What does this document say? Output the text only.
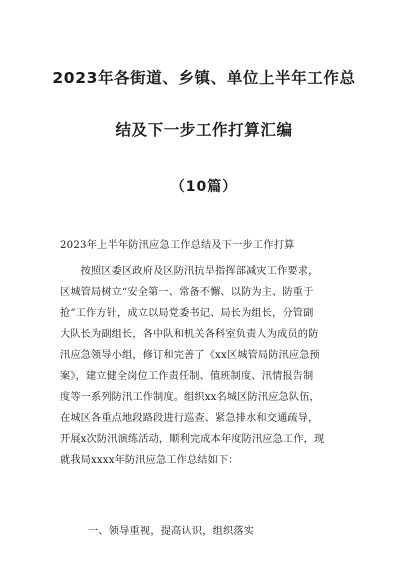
2023年各街道、乡镇、单位上半年工作总
结及下一步工作打算汇编
（10篇）
2023年上半年防汛应急工作总结及下一步工作打算
　　按照区委区政府及区防汛抗旱指挥部减灾工作要求，
区城管局树立“安全第一、常备不懈、以防为主、防重于
抢”工作方针，成立以局党委书记、局长为组长，分管副
大队长为副组长，各中队和机关各科室负责人为成员的防
汛应急领导小组，修订和完善了《xx区城管局防汛应急预
案》，建立健全岗位工作责任制、值班制度、汛情报告制
度等一系列防汛工作制度。组织xx名城区防汛应急队伍，
在城区各重点地段路段进行巡查、紧急排水和交通疏导，
开展x次防汛演练活动，顺利完成本年度防汛应急工作，现
就我局xxxx年防汛应急工作总结如下：
一、领导重视，提高认识，组织落实
